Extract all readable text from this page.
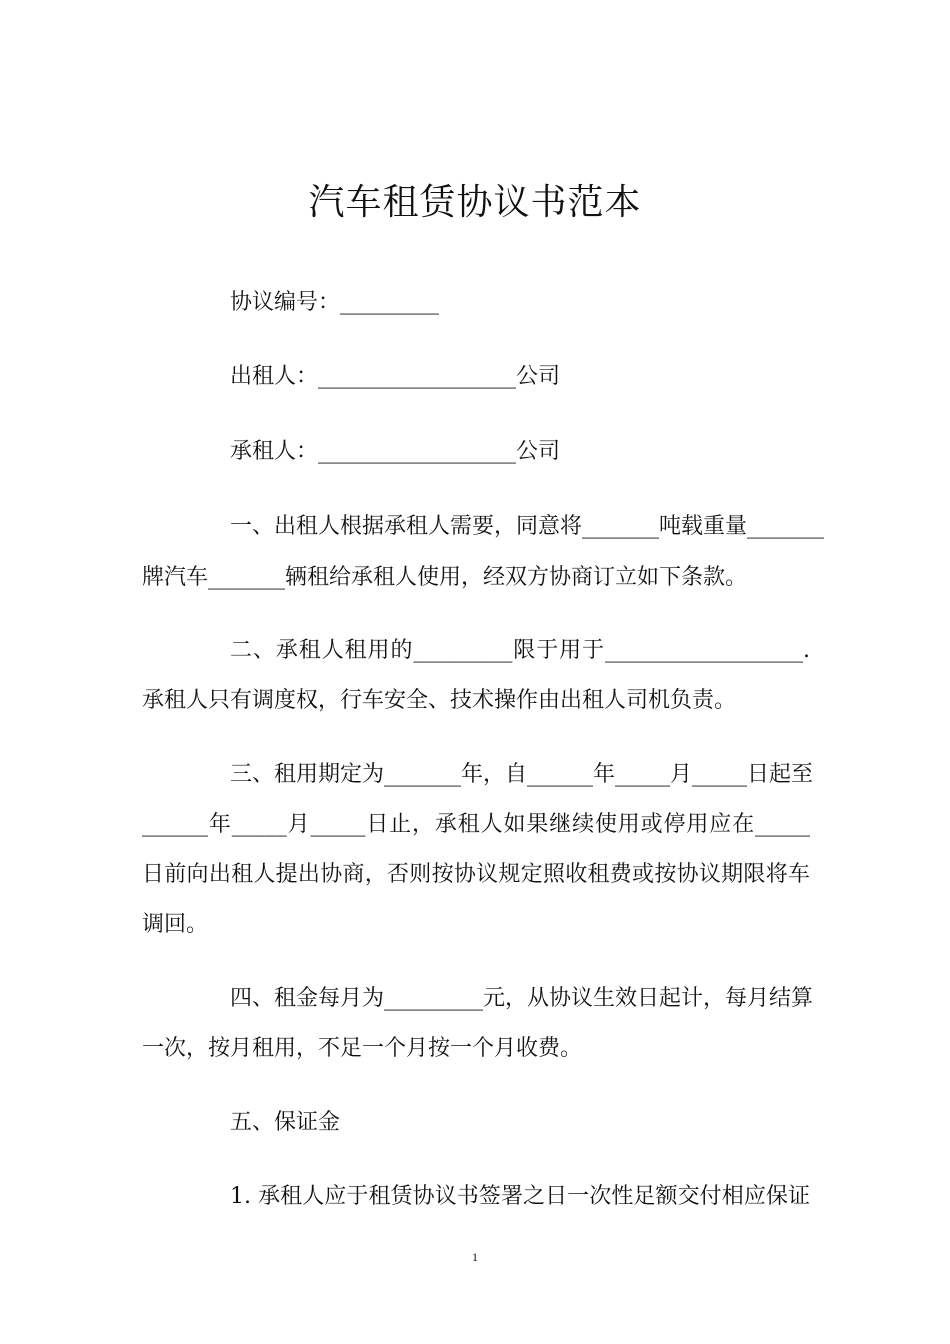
汽车租赁协议书范本
协议编号：_________
出租人：__________________公司
承租人：__________________公司
一、出租人根据承租人需要，同意将_______吨载重量_______
牌汽车_______辆租给承租人使用，经双方协商订立如下条款。
二、承租人租用的_________限于用于__________________.
承租人只有调度权，行车安全、技术操作由出租人司机负责。
三、租用期定为_______年，自______年_____月_____日起至
______年_____月_____日止，承租人如果继续使用或停用应在_____
日前向出租人提出协商，否则按协议规定照收租费或按协议期限将车
调回。
四、租金每月为_________元，从协议生效日起计，每月结算
一次，按月租用，不足一个月按一个月收费。
五、保证金
1. 承租人应于租赁协议书签署之日一次性足额交付相应保证
1
